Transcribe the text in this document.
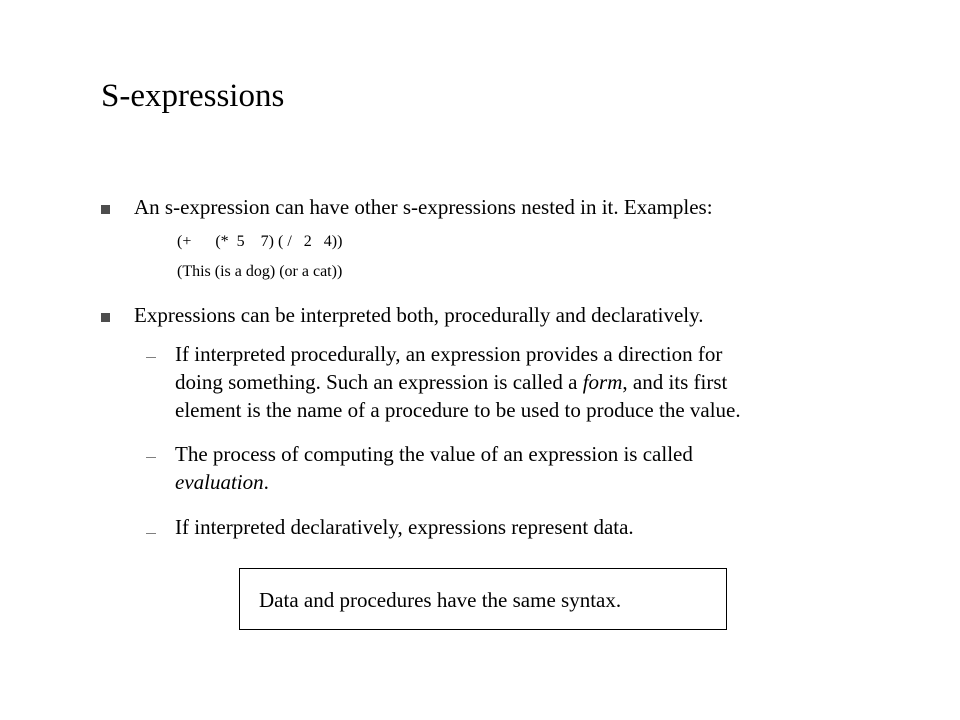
S-expressions
An s-expression can have other s-expressions nested in it. Examples:
(+      (*  5    7) ( /   2   4))
(This (is a dog) (or a cat))
Expressions can be interpreted both, procedurally and declaratively.
If interpreted procedurally, an expression provides a direction for
doing something. Such an expression is called a form, and its first
element is the name of a procedure to be used to produce the value.
The process of computing the value of an expression is called
evaluation.
If interpreted declaratively, expressions represent data.
Data and procedures have the same syntax.
